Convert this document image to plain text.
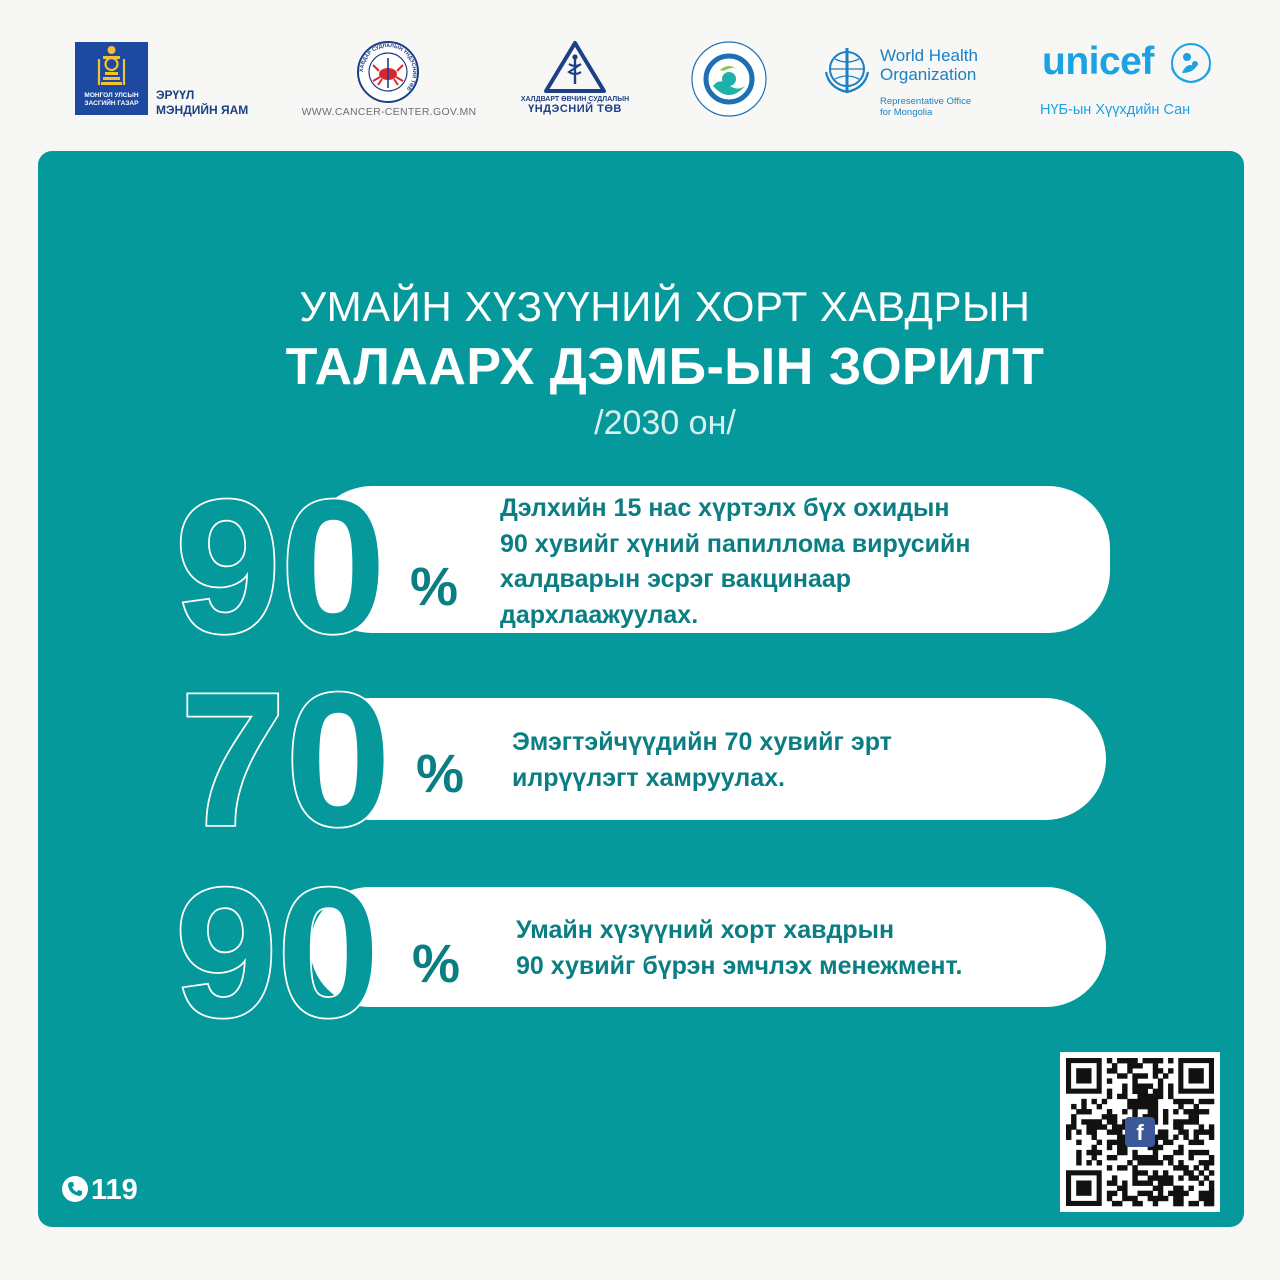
МОНГОЛ УЛСЫН ЗАСГИЙН ГАЗАР
ЭРҮҮЛ
МЭНДИЙН ЯАМ
ХАВДАР СУДЛАЛЫН ҮНДЭСНИЙ ТӨВ
WWW.CANCER-CENTER.GOV.MN
ХАЛДВАРТ ӨВЧИН СУДЛАЛЫН
ҮНДЭСНИЙ ТӨВ
World Health
Organization
Representative Office
for Mongolia
unicef
НҮБ-ын Хүүхдийн Сан
УМАЙН ХҮЗҮҮНИЙ ХОРТ ХАВДРЫН
ТАЛААРХ ДЭМБ-ЫН ЗОРИЛТ
/2030 он/
90 %
Дэлхийн 15 нас хүртэлх бүх охидын
90 хувийг хүний папиллома вирусийн
халдварын эсрэг вакцинаар
дархлаажуулах.
70 %
Эмэгтэйчүүдийн 70 хувийг эрт
илрүүлэгт хамруулах.
90 %
Умайн хүзүүний хорт хавдрын
90 хувийг бүрэн эмчлэх менежмент.
119
f
